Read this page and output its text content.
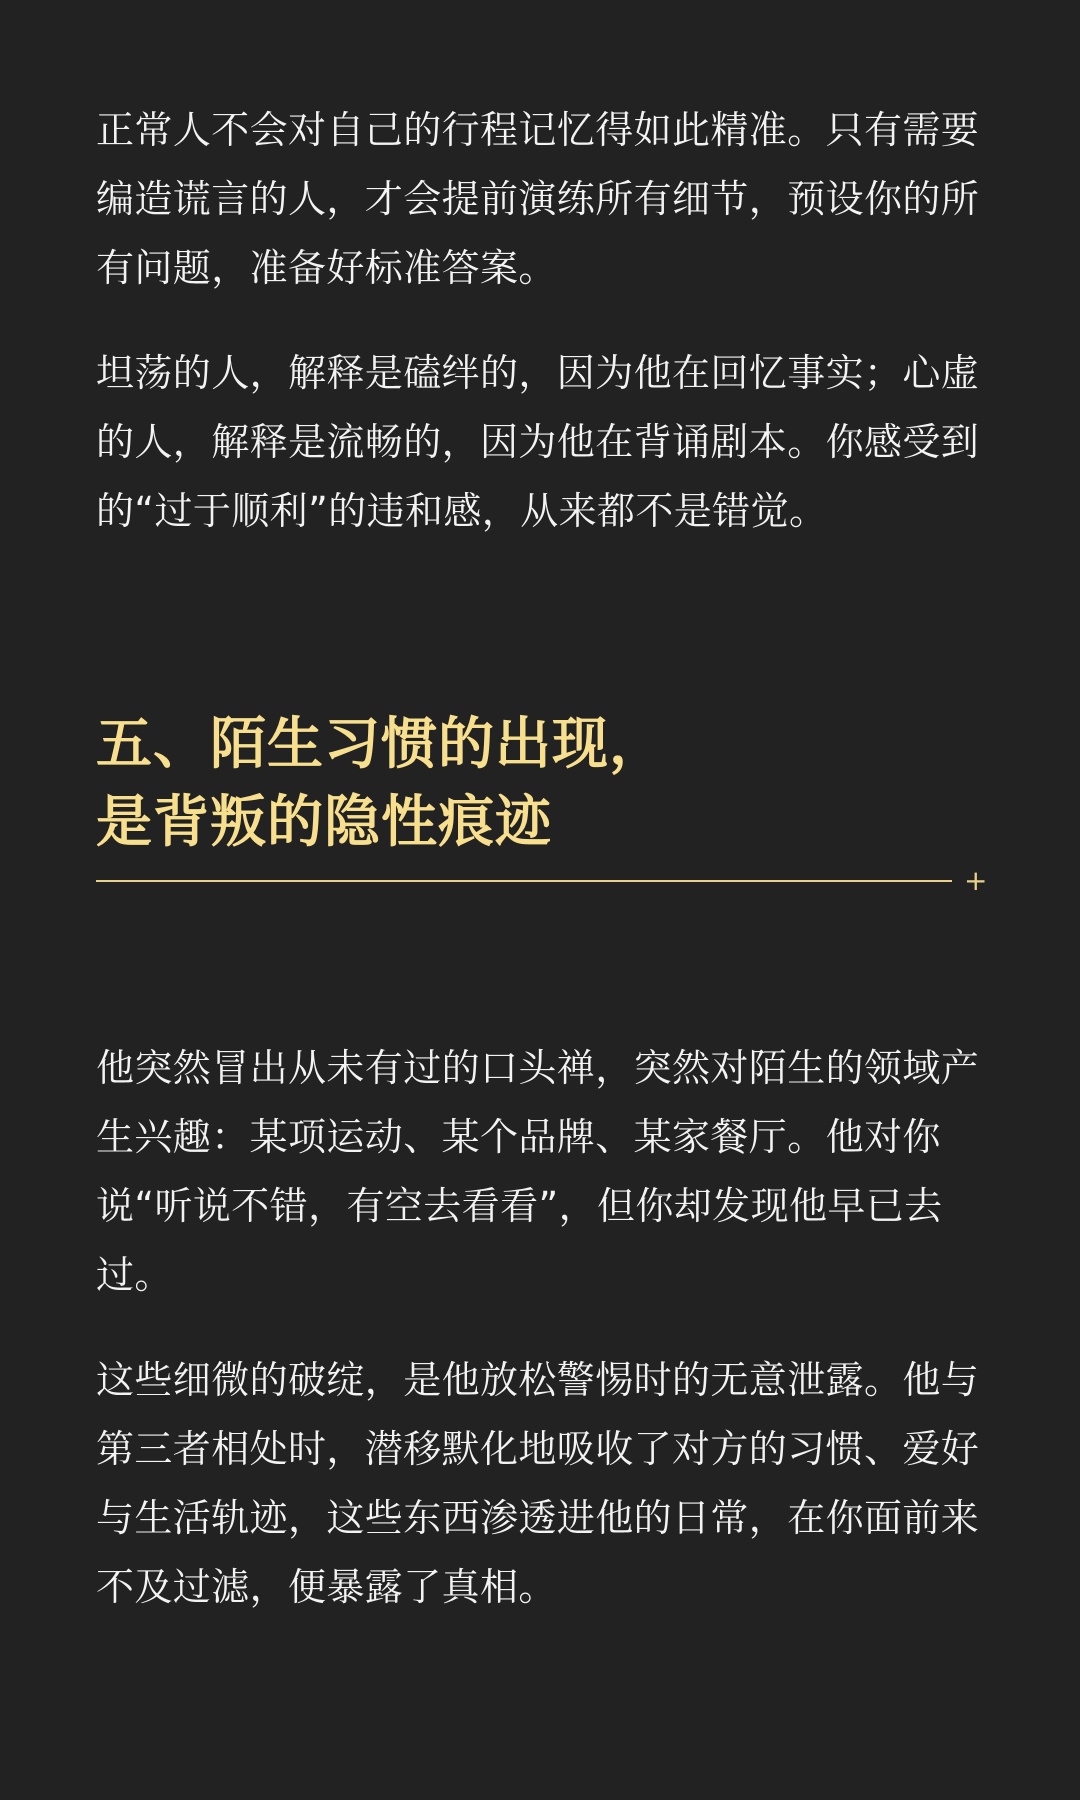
正常人不会对自己的行程记忆得如此精准。只有需要编造谎言的人，才会提前演练所有细节，预设你的所有问题，准备好标准答案。

坦荡的人，解释是磕绊的，因为他在回忆事实；心虚的人，解释是流畅的，因为他在背诵剧本。你感受到的“过于顺利”的违和感，从来都不是错觉。

五、陌生习惯的出现，
是背叛的隐性痕迹
+

他突然冒出从未有过的口头禅，突然对陌生的领域产生兴趣：某项运动、某个品牌、某家餐厅。他对你说“听说不错，有空去看看”，但你却发现他早已去过。

这些细微的破绽，是他放松警惕时的无意泄露。他与第三者相处时，潜移默化地吸收了对方的习惯、爱好与生活轨迹，这些东西渗透进他的日常，在你面前来不及过滤，便暴露了真相。
